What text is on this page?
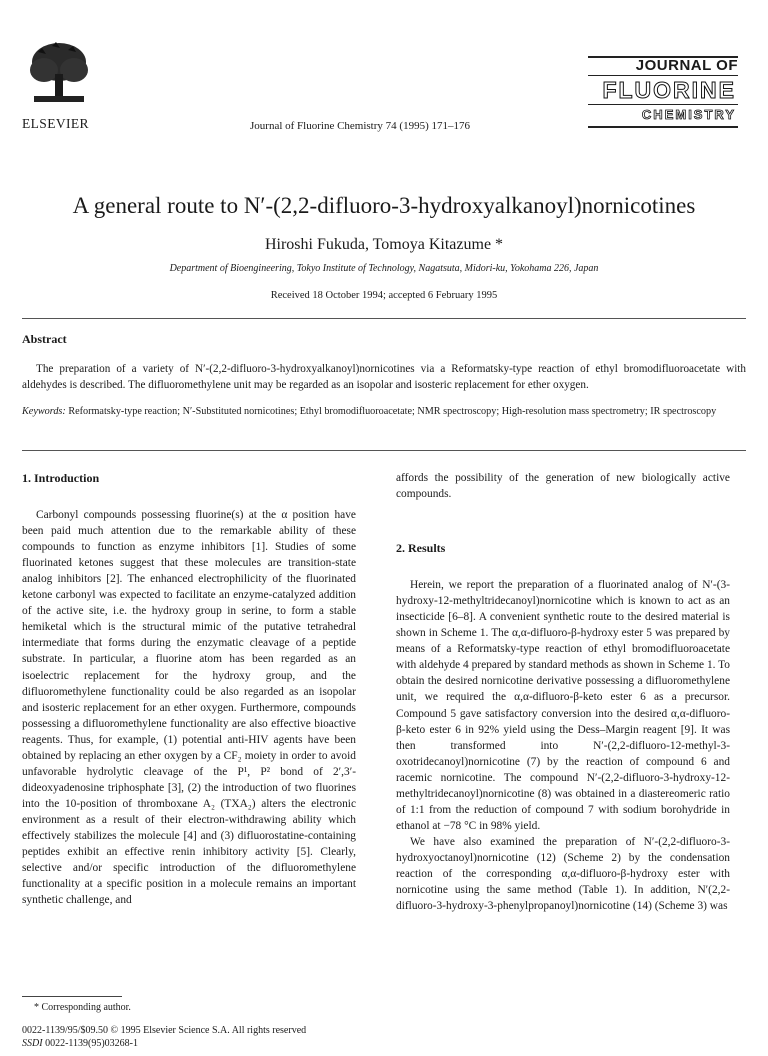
ELSEVIER	Journal of Fluorine Chemistry 74 (1995) 171–176
JOURNAL OF
FLUORINE
CHEMISTRY
A general route to N′-(2,2-difluoro-3-hydroxyalkanoyl)nornicotines
Hiroshi Fukuda, Tomoya Kitazume *
Department of Bioengineering, Tokyo Institute of Technology, Nagatsuta, Midori-ku, Yokohama 226, Japan
Received 18 October 1994; accepted 6 February 1995
Abstract
The preparation of a variety of N′-(2,2-difluoro-3-hydroxyalkanoyl)nornicotines via a Reformatsky-type reaction of ethyl bromodifluoroacetate with aldehydes is described. The difluoromethylene unit may be regarded as an isopolar and isosteric replacement for ether oxygen.
Keywords: Reformatsky-type reaction; N′-Substituted nornicotines; Ethyl bromodifluoroacetate; NMR spectroscopy; High-resolution mass spectrometry; IR spectroscopy
1. Introduction

Carbonyl compounds possessing fluorine(s) at the α position have been paid much attention due to the remarkable ability of these compounds to function as enzyme inhibitors [1]. Studies of some fluorinated ketones suggest that these molecules are transition-state analog inhibitors [2]. The enhanced electrophilicity of the fluorinated ketone carbonyl was expected to facilitate an enzyme-catalyzed addition of the active site, i.e. the hydroxy group in serine, to form a stable hemiketal which is the structural mimic of the putative tetrahedral intermediate that forms during the enzymatic cleavage of a peptide substrate. In particular, a fluorine atom has been regarded as an isoelectric replacement for the hydroxy group, and the difluoromethylene functionality could be also regarded as an isopolar and isosteric replacement for an ether oxygen. Furthermore, compounds possessing a difluoromethylene functionality are also effective bioactive reagents. Thus, for example, (1) potential anti-HIV agents have been obtained by replacing an ether oxygen by a CF₂ moiety in order to avoid unfavorable hydrolytic cleavage of the P¹, P² bond of 2′,3′-dideoxyadenosine triphosphate [3], (2) the introduction of two fluorines into the 10-position of thromboxane A₂ (TXA₂) alters the electronic environment as a result of their electron-withdrawing ability which effectively stabilizes the molecule [4] and (3) difluorostatine-containing peptides exhibit an effective renin inhibitory activity [5]. Clearly, selective and/or specific introduction of the difluoromethylene functionality at a specific position in a molecule remains an important synthetic challenge, and

affords the possibility of the generation of new biologically active compounds.

2. Results

Herein, we report the preparation of a fluorinated analog of N′-(3-hydroxy-12-methyltridecanoyl)nornicotine which is known to act as an insecticide [6–8]. A convenient synthetic route to the desired material is shown in Scheme 1. The α,α-difluoro-β-hydroxy ester 5 was prepared by means of a Reformatsky-type reaction of ethyl bromodifluoroacetate with aldehyde 4 prepared by standard methods as shown in Scheme 1. To obtain the desired nornicotine derivative possessing a difluoromethylene unit, we required the α,α-difluoro-β-keto ester 6 as a precursor. Compound 5 gave satisfactory conversion into the desired α,α-difluoro-β-keto ester 6 in 92% yield using the Dess–Margin reagent [9]. It was then transformed into N′-(2,2-difluoro-12-methyl-3-oxotridecanoyl)nornicotine (7) by the reaction of compound 6 and racemic nornicotine. The compound N′-(2,2-difluoro-3-hydroxy-12-methyltridecanoyl)nornicotine (8) was obtained in a diastereomeric ratio of 1:1 from the reduction of compound 7 with sodium borohydride in ethanol at −78 °C in 98% yield.

We have also examined the preparation of N′-(2,2-difluoro-3-hydroxyoctanoyl)nornicotine (12) (Scheme 2) by the condensation reaction of the corresponding α,α-difluoro-β-hydroxy ester with nornicotine using the same method (Table 1). In addition, N′(2,2-difluoro-3-hydroxy-3-phenylpropanoyl)nornicotine (14) (Scheme 3) was

* Corresponding author.
0022-1139/95/$09.50 © 1995 Elsevier Science S.A. All rights reserved
SSDI 0022-1139(95)03268-1
